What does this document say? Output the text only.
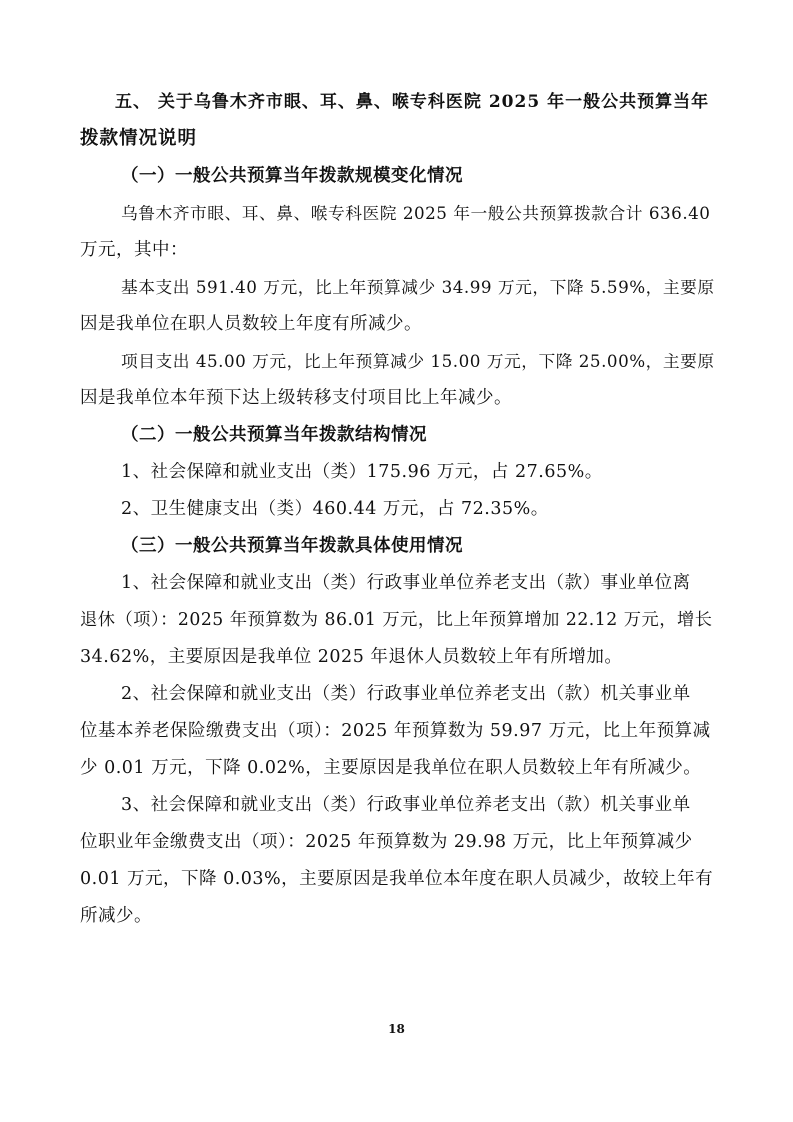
五、 关于乌鲁木齐市眼、耳、鼻、喉专科医院 2025 年一般公共预算当年
拨款情况说明
（一）一般公共预算当年拨款规模变化情况
乌鲁木齐市眼、耳、鼻、喉专科医院 2025 年一般公共预算拨款合计 636.40
万元，其中：
基本支出 591.40 万元，比上年预算减少 34.99 万元，下降 5.59%，主要原
因是我单位在职人员数较上年度有所减少。
项目支出 45.00 万元，比上年预算减少 15.00 万元，下降 25.00%，主要原
因是我单位本年预下达上级转移支付项目比上年减少。
（二）一般公共预算当年拨款结构情况
1、社会保障和就业支出（类）175.96 万元，占 27.65%。
2、卫生健康支出（类）460.44 万元，占 72.35%。
（三）一般公共预算当年拨款具体使用情况
1、社会保障和就业支出（类）行政事业单位养老支出（款）事业单位离
退休（项）：2025 年预算数为 86.01 万元，比上年预算增加 22.12 万元，增长
34.62%，主要原因是我单位 2025 年退休人员数较上年有所增加。
2、社会保障和就业支出（类）行政事业单位养老支出（款）机关事业单
位基本养老保险缴费支出（项）：2025 年预算数为 59.97 万元，比上年预算减
少 0.01 万元，下降 0.02%，主要原因是我单位在职人员数较上年有所减少。
3、社会保障和就业支出（类）行政事业单位养老支出（款）机关事业单
位职业年金缴费支出（项）：2025 年预算数为 29.98 万元，比上年预算减少
0.01 万元，下降 0.03%，主要原因是我单位本年度在职人员减少，故较上年有
所减少。
18
